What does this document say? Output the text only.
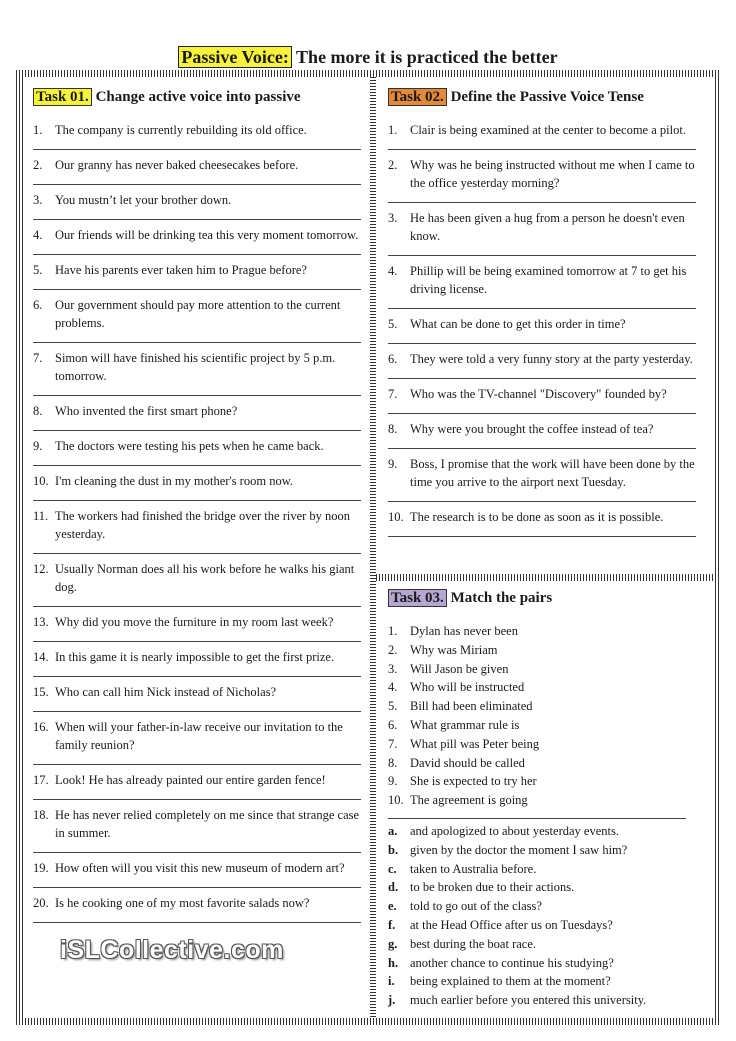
Passive Voice: The more it is practiced the better
Task 01. Change active voice into passive
1.	The company is currently rebuilding its old office.
2.	Our granny has never baked cheesecakes before.
3.	You mustn’t let your brother down.
4.	Our friends will be drinking tea this very moment tomorrow.
5.	Have his parents ever taken him to Prague before?
6.	Our government should pay more attention to the current problems.
7.	Simon will have finished his scientific project by 5 p.m. tomorrow.
8.	Who invented the first smart phone?
9.	The doctors were testing his pets when he came back.
10. I'm cleaning the dust in my mother's room now.
11. The workers had finished the bridge over the river by noon yesterday.
12. Usually Norman does all his work before he walks his giant dog.
13. Why did you move the furniture in my room last week?
14. In this game it is nearly impossible to get the first prize.
15. Who can call him Nick instead of Nicholas?
16. When will your father-in-law receive our invitation to the family reunion?
17. Look! He has already painted our entire garden fence!
18. He has never relied completely on me since that strange case in summer.
19. How often will you visit this new museum of modern art?
20. Is he cooking one of my most favorite salads now?
Task 02. Define the Passive Voice Tense
1.	Clair is being examined at the center to become a pilot.
2.	Why was he being instructed without me when I came to the office yesterday morning?
3.	He has been given a hug from a person he doesn't even know.
4.	Phillip will be being examined tomorrow at 7 to get his driving license.
5.	What can be done to get this order in time?
6.	They were told a very funny story at the party yesterday.
7.	Who was the TV-channel "Discovery" founded by?
8.	Why were you brought the coffee instead of tea?
9.	Boss, I promise that the work will have been done by the time you arrive to the airport next Tuesday.
10. The research is to be done as soon as it is possible.
Task 03. Match the pairs
1.	Dylan has never been
2.	Why was Miriam
3.	Will Jason be given
4.	Who will be instructed
5.	Bill had been eliminated
6.	What grammar rule is
7.	What pill was Peter being
8.	David should be called
9.	She is expected to try her
10. The agreement is going
a.	and apologized to about yesterday events.
b. given by the doctor the moment I saw him?
c.	taken to Australia before.
d. to be broken due to their actions.
e.	told to go out of the class?
f.	at the Head Office after us on Tuesdays?
g.	best during the boat race.
h. another chance to continue his studying?
i.	being explained to them at the moment?
j.	much earlier before you entered this university.
iSLCollective.com
